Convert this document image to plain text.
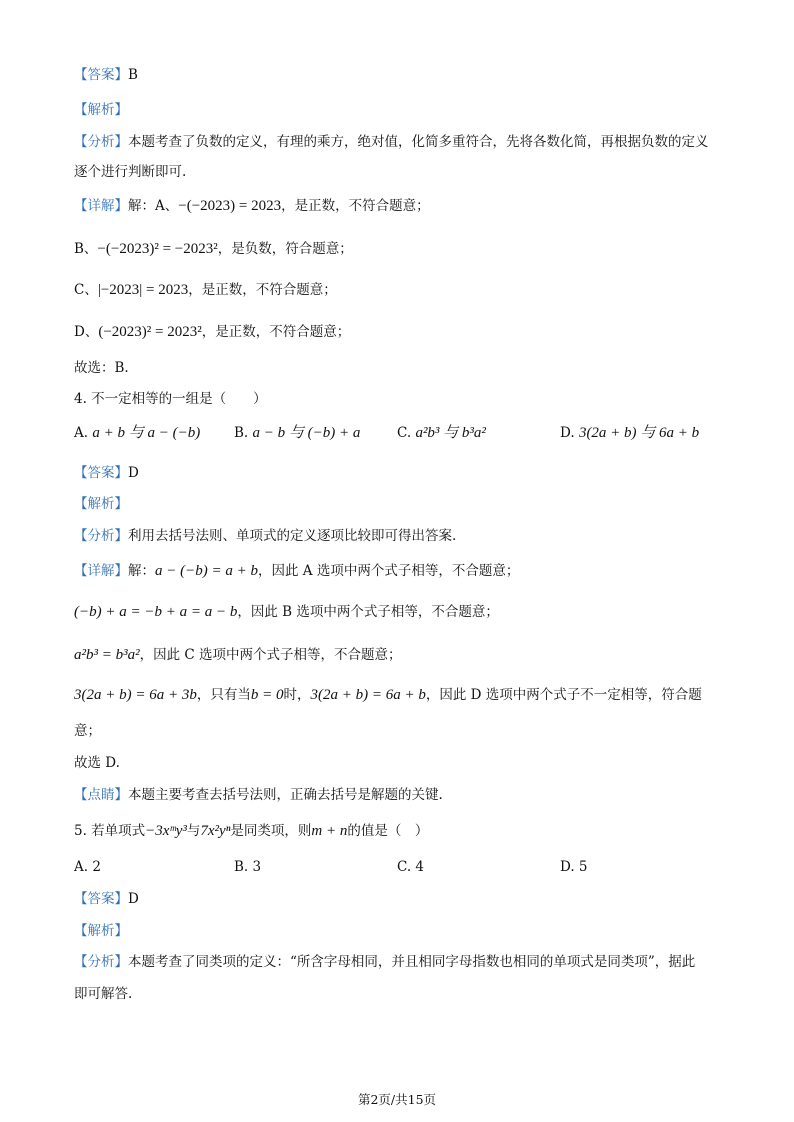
【答案】B
【解析】
【分析】本题考查了负数的定义，有理的乘方，绝对值，化简多重符合，先将各数化简，再根据负数的定义
逐个进行判断即可.
【详解】解：A、−(−2023) = 2023，是正数，不符合题意；
B、−(−2023)² = −2023²，是负数，符合题意；
C、|−2023| = 2023，是正数，不符合题意；
D、(−2023)² = 2023²，是正数，不符合题意；
故选：B.
4. 不一定相等的一组是（　　）
A. a + b 与 a − (−b)	B. a − b 与 (−b) + a	C. a²b³ 与 b³a²	D. 3(2a + b) 与 6a + b
【答案】D
【解析】
【分析】利用去括号法则、单项式的定义逐项比较即可得出答案.
【详解】解：a − (−b) = a + b，因此 A 选项中两个式子相等，不合题意；
(−b) + a = −b + a = a − b，因此 B 选项中两个式子相等，不合题意；
a²b³ = b³a²，因此 C 选项中两个式子相等，不合题意；
3(2a + b) = 6a + 3b，只有当b = 0时，3(2a + b) = 6a + b，因此 D 选项中两个式子不一定相等，符合题
意；
故选 D.
【点睛】本题主要考查去括号法则，正确去括号是解题的关键.
5. 若单项式−3xᵐy³与7x²yⁿ是同类项，则m + n的值是（　）
A. 2	B. 3	C. 4	D. 5
【答案】D
【解析】
【分析】本题考查了同类项的定义：“所含字母相同，并且相同字母指数也相同的单项式是同类项”，据此
即可解答.
第2页/共15页
